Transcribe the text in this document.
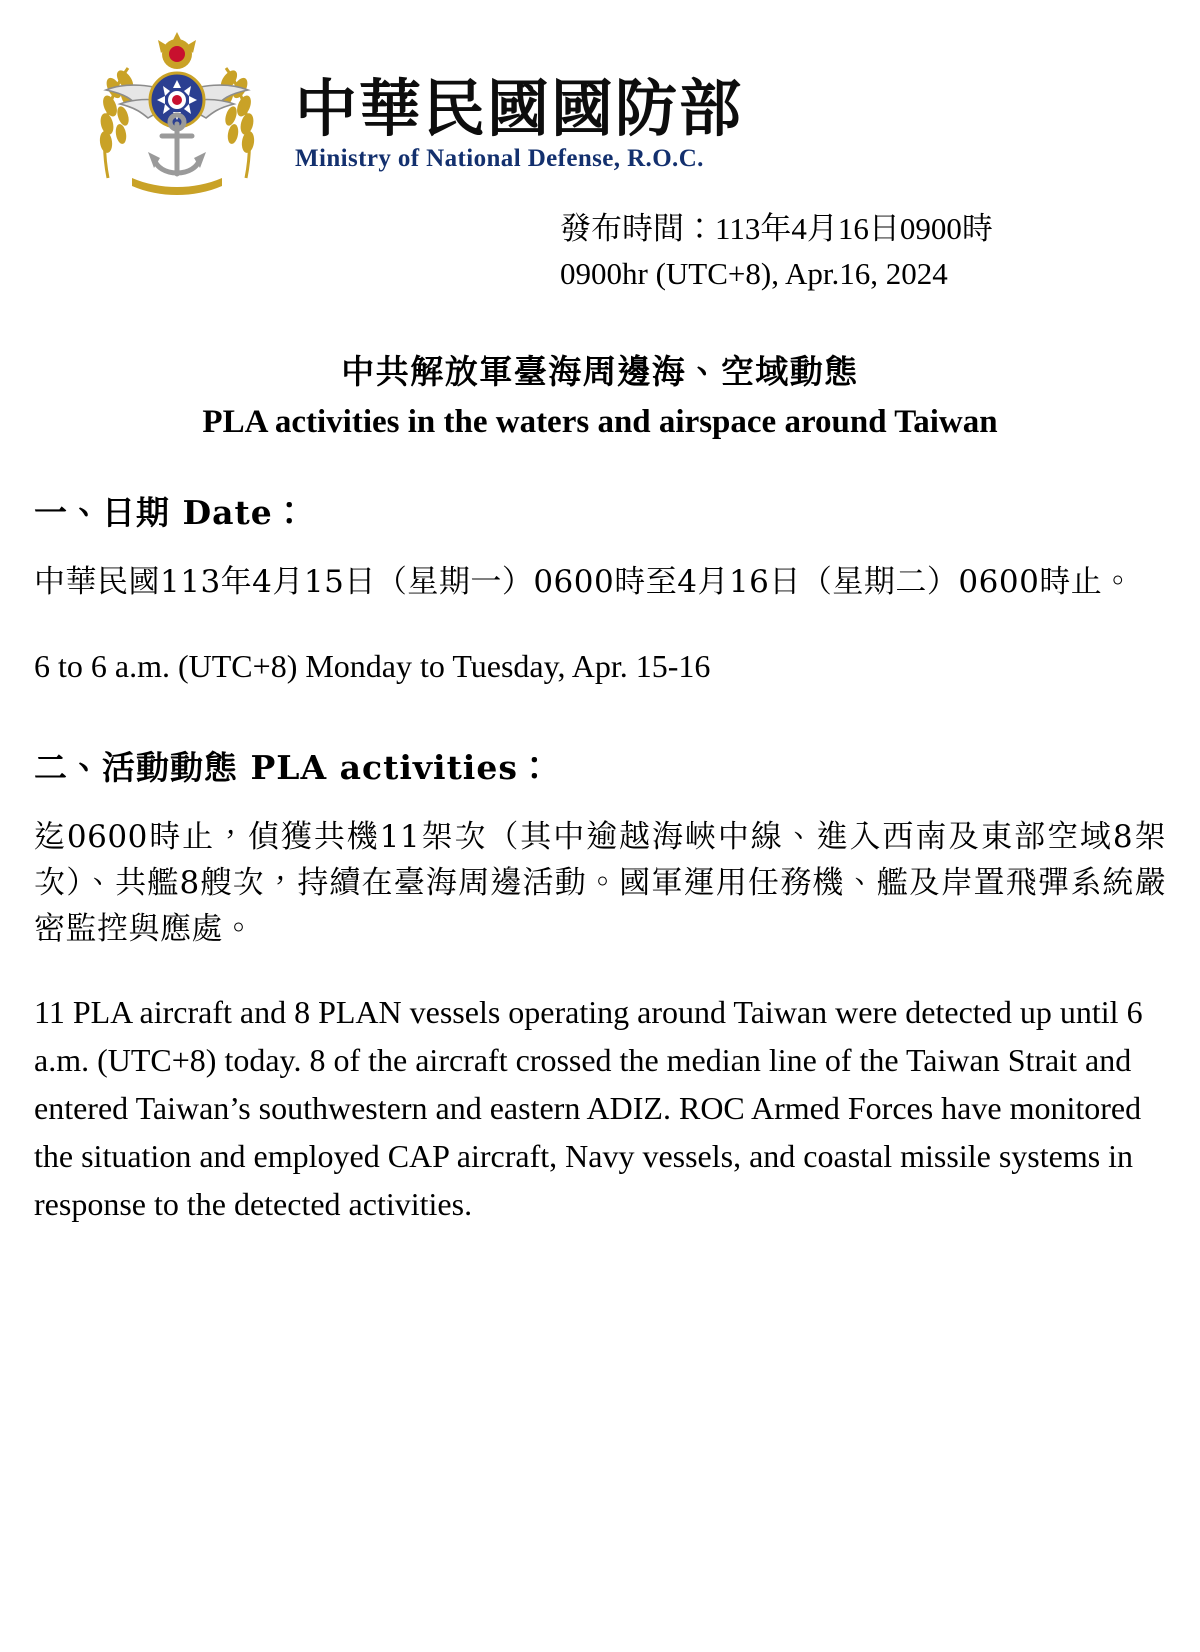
中華民國國防部
Ministry of National Defense, R.O.C.
發布時間：113年4月16日0900時
0900hr (UTC+8), Apr.16, 2024
中共解放軍臺海周邊海、空域動態
PLA activities in the waters and airspace around Taiwan
一、日期 Date：

中華民國113年4月15日（星期一）0600時至4月16日（星期二）0600時止。

6 to 6 a.m. (UTC+8) Monday to Tuesday, Apr. 15-16

二、活動動態 PLA activities：

迄0600時止，偵獲共機11架次（其中逾越海峽中線、進入西南及東部空域8架次）、共艦8艘次，持續在臺海周邊活動。國軍運用任務機、艦及岸置飛彈系統嚴密監控與應處。

11 PLA aircraft and 8 PLAN vessels operating around Taiwan were detected up until 6 a.m. (UTC+8) today. 8 of the aircraft crossed the median line of the Taiwan Strait and entered Taiwan’s southwestern and eastern ADIZ. ROC Armed Forces have monitored the situation and employed CAP aircraft, Navy vessels, and coastal missile systems in response to the detected activities.
